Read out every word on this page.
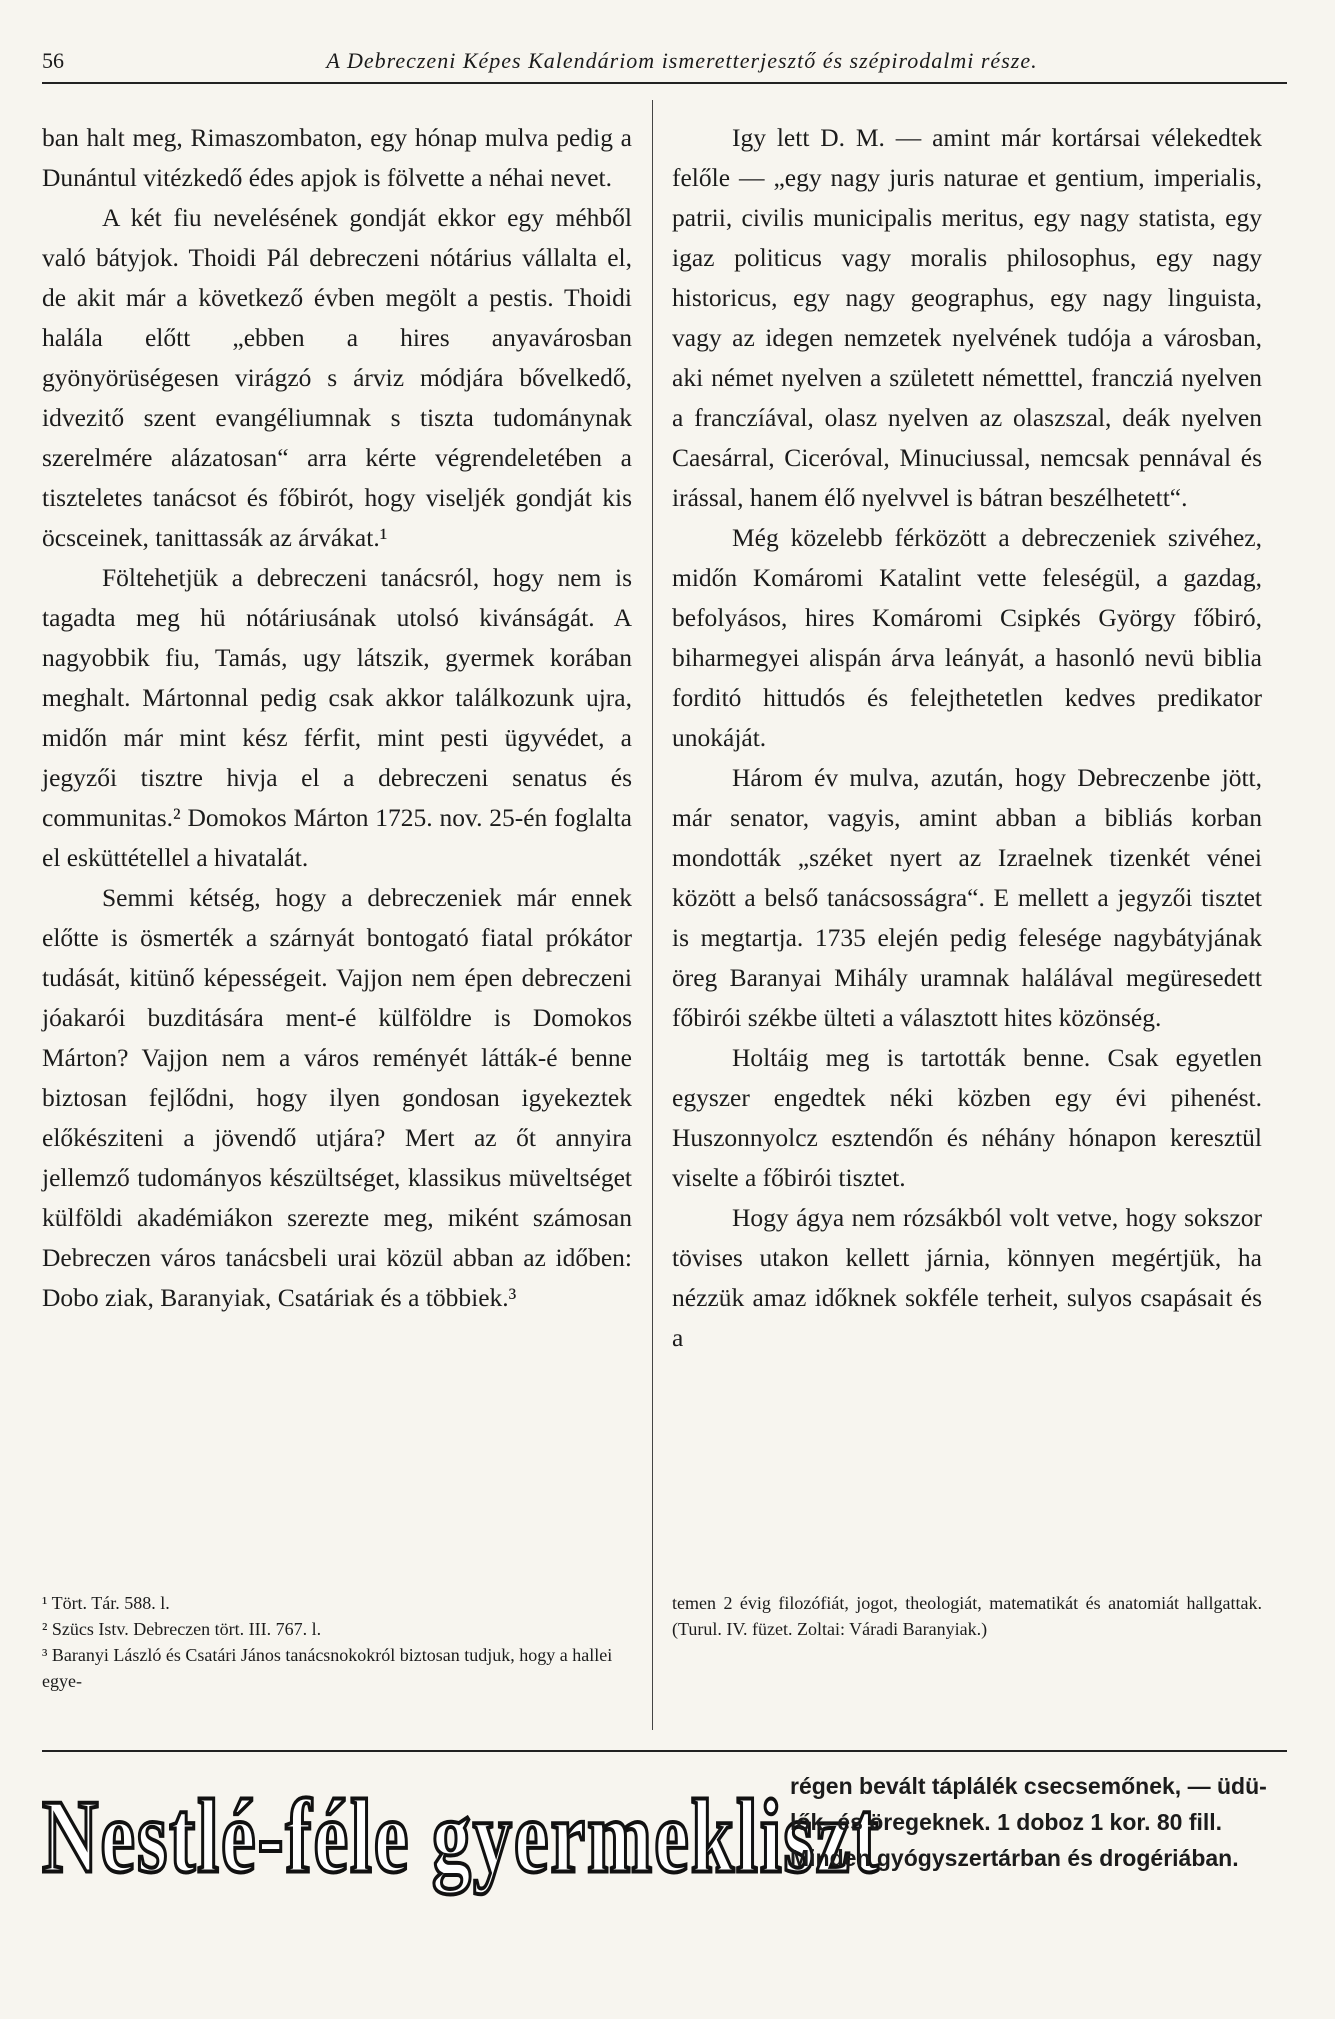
56	A Debreczeni Képes Kalendáriom ismeretterjesztő és szépirodalmi része.

ban halt meg, Rimaszombaton, egy hónap mulva pedig a Dunántul vitézkedő édes apjok is fölvette a néhai nevet.

A két fiu nevelésének gondját ekkor egy méhből való bátyjok. Thoidi Pál debreczeni nótárius vállalta el, de akit már a következő évben megölt a pestis. Thoidi halála előtt „ebben a hires anyavárosban gyönyörüségesen virágzó s árviz módjára bővelkedő, idvezitő szent evangéliumnak s tiszta tudománynak szerelmére alázatosan“ arra kérte végrendeletében a tiszteletes tanácsot és főbirót, hogy viseljék gondját kis öcsceinek, tanittassák az árvákat.¹

Föltehetjük a debreczeni tanácsról, hogy nem is tagadta meg hü nótáriusának utolsó kivánságát. A nagyobbik fiu, Tamás, ugy látszik, gyermek korában meghalt. Mártonnal pedig csak akkor találkozunk ujra, midőn már mint kész férfit, mint pesti ügyvédet, a jegyzői tisztre hivja el a debreczeni senatus és communitas.² Domokos Márton 1725. nov. 25-én foglalta el esküttétellel a hivatalát.

Semmi kétség, hogy a debreczeniek már ennek előtte is ösmerték a szárnyát bontogató fiatal prókátor tudását, kitünő képességeit. Vajjon nem épen debreczeni jóakarói buzditására ment-é külföldre is Domokos Márton? Vajjon nem a város reményét látták-é benne biztosan fejlődni, hogy ilyen gondosan igyekeztek előkésziteni a jövendő utjára? Mert az őt annyira jellemző tudományos készültséget, klassikus müveltséget külföldi akadémiákon szerezte meg, miként számosan Debreczen város tanácsbeli urai közül abban az időben: Dobo ziak, Baranyiak, Csatáriak és a többiek.³

Igy lett D. M. — amint már kortársai vélekedtek felőle — „egy nagy juris naturae et gentium, imperialis, patrii, civilis municipalis meritus, egy nagy statista, egy igaz politicus vagy moralis philosophus, egy nagy historicus, egy nagy geographus, egy nagy linguista, vagy az idegen nemzetek nyelvének tudója a városban, aki német nyelven a született németttel, francziá nyelven a franczíával, olasz nyelven az olaszszal, deák nyelven Caesárral, Ciceróval, Minuciussal, nemcsak pennával és irással, hanem élő nyelvvel is bátran beszélhetett“.

Még közelebb férközött a debreczeniek szivéhez, midőn Komáromi Katalint vette feleségül, a gazdag, befolyásos, hires Komáromi Csipkés György főbiró, biharmegyei alispán árva leányát, a hasonló nevü biblia forditó hittudós és felejthetetlen kedves predikator unokáját.

Három év mulva, azután, hogy Debreczenbe jött, már senator, vagyis, amint abban a bibliás korban mondották „széket nyert az Izraelnek tizenkét vénei között a belső tanácsosságra“. E mellett a jegyzői tisztet is megtartja. 1735 elején pedig felesége nagybátyjának öreg Baranyai Mihály uramnak halálával megüresedett főbirói székbe ülteti a választott hites közönség.

Holtáig meg is tartották benne. Csak egyetlen egyszer engedtek néki közben egy évi pihenést. Huszonnyolcz esztendőn és néhány hónapon keresztül viselte a főbirói tisztet.

Hogy ágya nem rózsákból volt vetve, hogy sokszor tövises utakon kellett járnia, könnyen megértjük, ha nézzük amaz időknek sokféle terheit, sulyos csapásait és a

¹ Tört. Tár. 588. l.

² Szücs Istv. Debreczen tört. III. 767. l.

³ Baranyi László és Csatári János tanácsnokokról biztosan tudjuk, hogy a hallei egye-

temen 2 évig filozófiát, jogot, theologiát, matematikát és anatomiát hallgattak. (Turul. IV. füzet. Zoltai: Váradi Baranyiak.)

Nestlé-féle gyermekliszt
régen bevált táplálék csecsemőnek, — üdü-
lők- és öregeknek. 1 doboz 1 kor. 80 fill.
Minden gyógyszertárban és drogériában.
